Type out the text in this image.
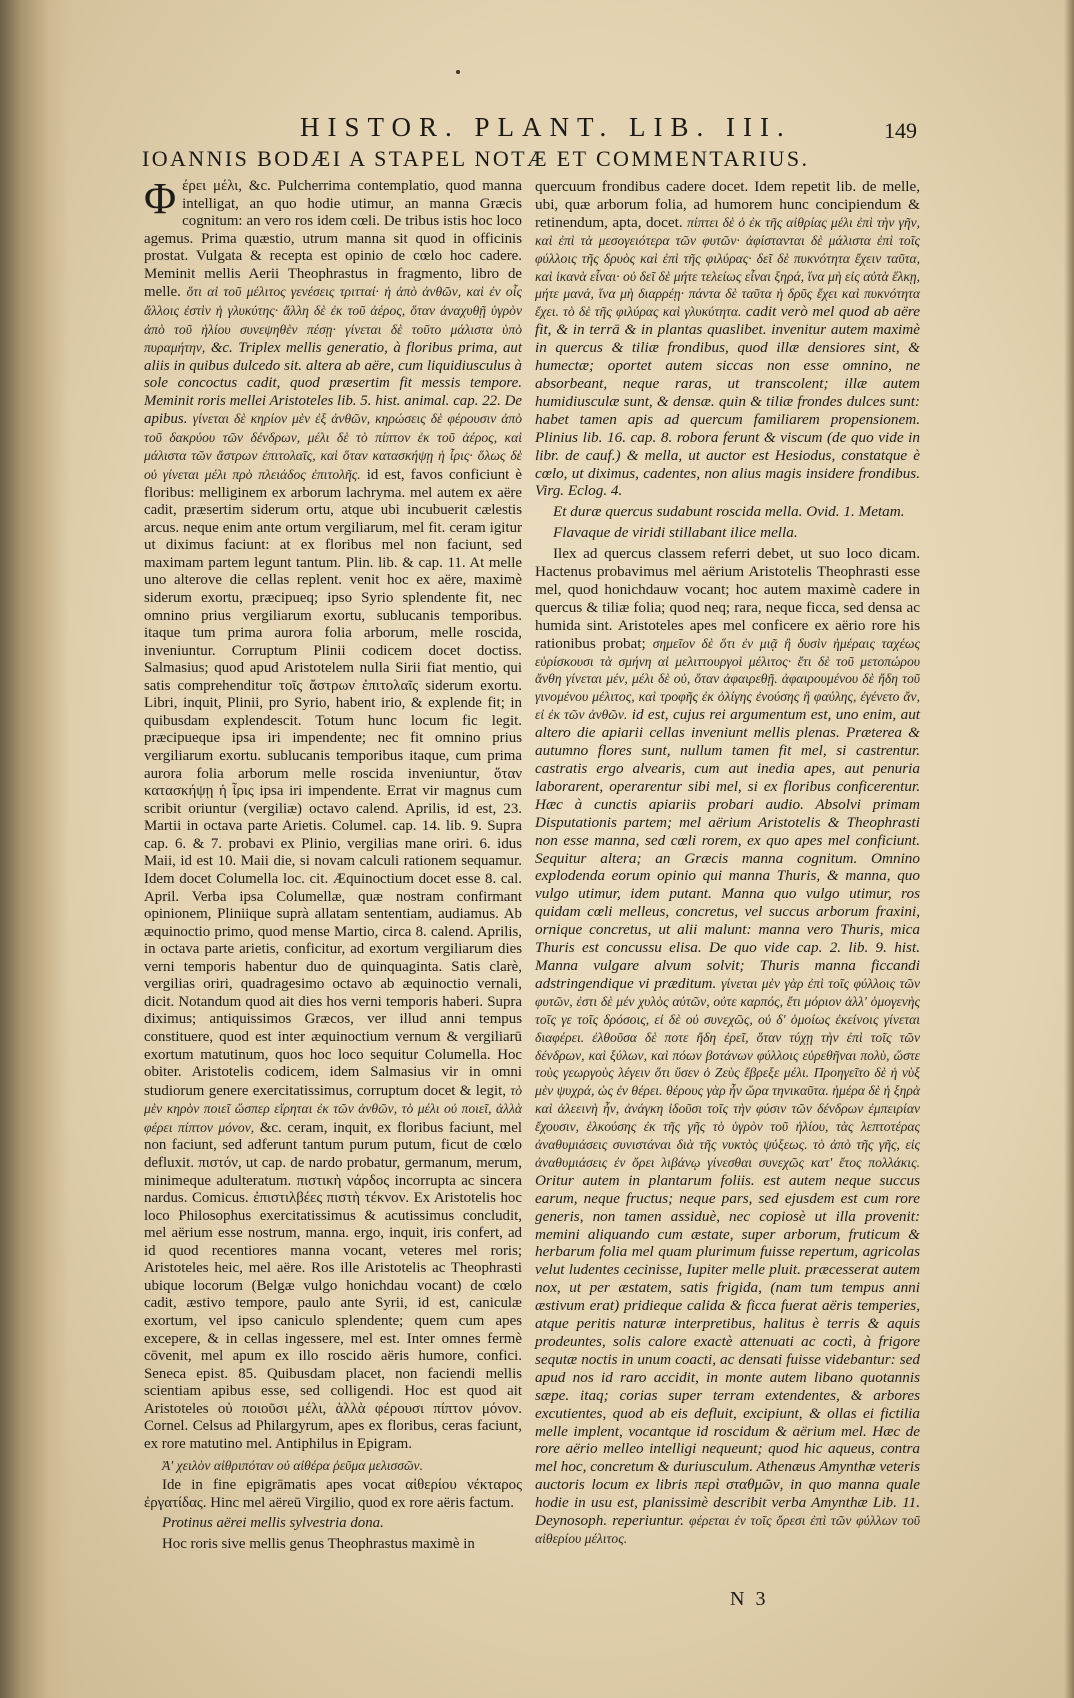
HISTOR. PLANT. LIB. III.	149
IOANNIS BODÆI A STAPEL NOTÆ ET COMMENTARIUS.

Φέρει μέλι, &c. Pulcherrima contemplatio, quod manna intelligat, an quo hodie utimur, an manna Græcis cognitum: an vero ros idem cœli. De tribus istis hoc loco agemus. Prima quæstio, utrum manna sit quod in officinis prostat. Vulgata & recepta est opinio de cœlo hoc cadere. Meminit mellis Aerii Theophrastus in fragmento, libro de melle. ὅτι αἱ τοῦ μέλιτος γενέσεις τριτταί· ἡ ἀπὸ ἀνθῶν, καὶ ἐν οἷς ἄλλοις ἐστὶν ἡ γλυκύτης· ἄλλη δὲ ἐκ τοῦ ἀέρος, ὅταν ἀναχυθῇ ὑγρὸν ἀπὸ τοῦ ἡλίου συνεψηθὲν πέσῃ· γίνεται δὲ τοῦτο μάλιστα ὑπὸ πυραμήτην, &c. Triplex mellis generatio, à floribus prima, aut aliis in quibus dulcedo sit. altera ab aëre, cum liquidiusculus à sole concoctus cadit, quod præsertim fit messis tempore. Meminit roris mellei Aristoteles lib. 5. hist. animal. cap. 22. De apibus. γίνεται δὲ κηρίον μὲν ἐξ ἀνθῶν, κηρώσεις δὲ φέρουσιν ἀπὸ τοῦ δακρύου τῶν δένδρων, μέλι δὲ τὸ πίπτον ἐκ τοῦ ἀέρος, καὶ μάλιστα τῶν ἄστρων ἐπιτολαῖς, καὶ ὅταν κατασκήψῃ ἡ ἶρις· ὅλως δὲ οὐ γίνεται μέλι πρὸ πλειάδος ἐπιτολῆς. id est, favos conficiunt è floribus: melliginem ex arborum lachryma. mel autem ex aëre cadit, præsertim siderum ortu, atque ubi incubuerit cælestis arcus. neque enim ante ortum vergiliarum, mel fit. ceram igitur ut diximus faciunt: at ex floribus mel non faciunt, sed maximam partem legunt tantum. Plin. lib. & cap. 11. At melle uno alterove die cellas replent. venit hoc ex aëre, maximè siderum exortu, præcipueq; ipso Syrio splendente fit, nec omnino prius vergiliarum exortu, sublucanis temporibus. itaque tum prima aurora folia arborum, melle roscida, inveniuntur. Corruptum Plinii codicem docet doctiss. Salmasius; quod apud Aristotelem nulla Sirii fiat mentio, qui satis comprehenditur τοῖς ἄστρων ἐπιτολαῖς siderum exortu. Libri, inquit, Plinii, pro Syrio, habent irio, & explende fit; in quibusdam explendescit. Totum hunc locum fic legit. præcipueque ipsa iri impendente; nec fit omnino prius vergiliarum exortu. sublucanis temporibus itaque, cum prima aurora folia arborum melle roscida inveniuntur, ὅταν κατασκήψῃ ἡ ἶρις ipsa iri impendente. Errat vir magnus cum scribit oriuntur (vergiliæ) octavo calend. Aprilis, id est, 23. Martii in octava parte Arietis. Columel. cap. 14. lib. 9. Supra cap. 6. & 7. probavi ex Plinio, vergilias mane oriri. 6. idus Maii, id est 10. Maii die, si novam calculi rationem sequamur. Idem docet Columella loc. cit. Æquinoctium docet esse 8. cal. April. Verba ipsa Columellæ, quæ nostram confirmant opinionem, Pliniique suprà allatam sententiam, audiamus. Ab æquinoctio primo, quod mense Martio, circa 8. calend. Aprilis, in octava parte arietis, conficitur, ad exortum vergiliarum dies verni temporis habentur duo de quinquaginta. Satis clarè, vergilias oriri, quadragesimo octavo ab æquinoctio vernali, dicit. Notandum quod ait dies hos verni temporis haberi. Supra diximus; antiquissimos Græcos, ver illud anni tempus constituere, quod est inter æquinoctium vernum & vergiliarū exortum matutinum, quos hoc loco sequitur Columella. Hoc obiter. Aristotelis codicem, idem Salmasius vir in omni studiorum genere exercitatissimus, corruptum docet & legit, τὸ μὲν κηρὸν ποιεῖ ὥσπερ εἴρηται ἐκ τῶν ἀνθῶν, τὸ μέλι οὐ ποιεῖ, ἀλλὰ φέρει πίπτον μόνον, &c. ceram, inquit, ex floribus faciunt, mel non faciunt, sed adferunt tantum purum putum, ficut de cœlo defluxit. πιστόν, ut cap. de nardo probatur, germanum, merum, minimeque adulteratum. πιστικὴ νάρδος incorrupta ac sincera nardus. Comicus. ἐπιστιλβέες πιστὴ τέκνον. Ex Aristotelis hoc loco Philosophus exercitatissimus & acutissimus concludit, mel aërium esse nostrum, manna. ergo, inquit, iris confert, ad id quod recentiores manna vocant, veteres mel roris; Aristoteles heic, mel aëre. Ros ille Aristotelis ac Theophrasti ubique locorum (Belgæ vulgo honichdau vocant) de cœlo cadit, æstivo tempore, paulo ante Syrii, id est, caniculæ exortum, vel ipso caniculo splendente; quem cum apes excepere, & in cellas ingessere, mel est. Inter omnes fermè cōvenit, mel apum ex illo roscido aëris humore, confici. Seneca epist. 85. Quibusdam placet, non faciendi mellis scientiam apibus esse, sed colligendi. Hoc est quod ait Aristoteles οὐ ποιοῦσι μέλι, ἀλλὰ φέρουσι πίπτον μόνον. Cornel. Celsus ad Philargyrum, apes ex floribus, ceras faciunt, ex rore matutino mel. Antiphilus in Epigram.

Ἀ' χειλὸν αἰθριπόταν οὐ αἰθέρα ῥεῦμα μελισσῶν.

Ide in fine epigrāmatis apes vocat αἰθερίου νέκταρος ἐργατίδας. Hinc mel aëreū Virgilio, quod ex rore aëris factum.

Protinus aërei mellis sylvestria dona.

Hoc roris sive mellis genus Theophrastus maximè in

quercuum frondibus cadere docet. Idem repetit lib. de melle, ubi, quæ arborum folia, ad humorem hunc concipiendum & retinendum, apta, docet. πίπτει δὲ ὁ ἐκ τῆς αἰθρίας μέλι ἐπὶ τὴν γῆν, καὶ ἐπὶ τὰ μεσογειότερα τῶν φυτῶν· ἀφίστανται δὲ μάλιστα ἐπὶ τοῖς φύλλοις τῆς δρυὸς καὶ ἐπὶ τῆς φιλύρας· δεῖ δὲ πυκνότητα ἔχειν ταῦτα, καὶ ἱκανὰ εἶναι· οὐ δεῖ δὲ μήτε τελείως εἶναι ξηρά, ἵνα μὴ εἰς αὐτὰ ἕλκῃ, μήτε μανά, ἵνα μὴ διαρρέῃ· πάντα δὲ ταῦτα ἡ δρῦς ἔχει καὶ πυκνότητα ἔχει. τὸ δὲ τῆς φιλύρας καὶ γλυκύτητα. cadit verò mel quod ab aëre fit, & in terrā & in plantas quaslibet. invenitur autem maximè in quercus & tiliæ frondibus, quod illæ densiores sint, & humectæ; oportet autem siccas non esse omnino, ne absorbeant, neque raras, ut transcolent; illæ autem humidiusculæ sunt, & densæ. quin & tiliæ frondes dulces sunt: habet tamen apis ad quercum familiarem propensionem. Plinius lib. 16. cap. 8. robora ferunt & viscum (de quo vide in libr. de cauf.) & mella, ut auctor est Hesiodus, constatque è cœlo, ut diximus, cadentes, non alius magis insidere frondibus. Virg. Eclog. 4.

Et duræ quercus sudabunt roscida mella. Ovid. 1. Metam.

Flavaque de viridi stillabant ilice mella.

Ilex ad quercus classem referri debet, ut suo loco dicam. Hactenus probavimus mel aërium Aristotelis Theophrasti esse mel, quod honichdauw vocant; hoc autem maximè cadere in quercus & tiliæ folia; quod neq; rara, neque ficca, sed densa ac humida sint. Aristoteles apes mel conficere ex aërio rore his rationibus probat; σημεῖον δὲ ὅτι ἐν μιᾷ ἢ δυσὶν ἡμέραις ταχέως εὑρίσκουσι τὰ σμήνη αἱ μελιττουργοὶ μέλιτος· ἔτι δὲ τοῦ μετοπώρου ἄνθη γίνεται μέν, μέλι δὲ οὐ, ὅταν ἀφαιρεθῇ. ἀφαιρουμένου δὲ ἤδη τοῦ γινομένου μέλιτος, καὶ τροφῆς ἐκ ὀλίγης ἐνούσης ἢ φαύλης, ἐγένετο ἄν, εἰ ἐκ τῶν ἀνθῶν. id est, cujus rei argumentum est, uno enim, aut altero die apiarii cellas inveniunt mellis plenas. Præterea & autumno flores sunt, nullum tamen fit mel, si castrentur. castratis ergo alvearis, cum aut inedia apes, aut penuria laborarent, operarentur sibi mel, si ex floribus conficerentur. Hæc à cunctis apiariis probari audio. Absolvi primam Disputationis partem; mel aërium Aristotelis & Theophrasti non esse manna, sed cœli rorem, ex quo apes mel conficiunt. Sequitur altera; an Græcis manna cognitum. Omnino explodenda eorum opinio qui manna Thuris, & manna, quo vulgo utimur, idem putant. Manna quo vulgo utimur, ros quidam cœli melleus, concretus, vel succus arborum fraxini, ornique concretus, ut alii malunt: manna vero Thuris, mica Thuris est concussu elisa. De quo vide cap. 2. lib. 9. hist. Manna vulgare alvum solvit; Thuris manna ficcandi adstringendique vi præditum. γίνεται μὲν γὰρ ἐπὶ τοῖς φύλλοις τῶν φυτῶν, ἐστι δὲ μέν χυλὸς αὐτῶν, οὐτε καρπός, ἔτι μόριον ἀλλ' ὁμογενὴς τοῖς γε τοῖς δρόσοις, εἰ δὲ οὐ συνεχῶς, οὐ δ' ὁμοίως ἐκείνοις γίνεται διαφέρει. ἐλθοῦσα δὲ ποτε ἤδη ἐρεῖ, ὅταν τύχῃ τὴν ἐπὶ τοῖς τῶν δένδρων, καὶ ξύλων, καὶ πόων βοτάνων φύλλοις εὑρεθῆναι πολὺ, ὥστε τοὺς γεωργοὺς λέγειν ὅτι ὕσεν ὁ Ζεὺς ἔβρεξε μέλι. Προηγεῖτο δὲ ἡ νὺξ μὲν ψυχρά, ὡς ἐν θέρει. θέρους γὰρ ἦν ὥρα τηνικαῦτα. ἡμέρα δὲ ἡ ξηρὰ καὶ ἀλεεινὴ ἦν, ἀνάγκη ἰδοῦσι τοῖς τὴν φύσιν τῶν δένδρων ἐμπειρίαν ἔχουσιν, ἑλκούσης ἐκ τῆς γῆς τὸ ὑγρὸν τοῦ ἡλίου, τὰς λεπτοτέρας ἀναθυμιάσεις συνιστάναι διὰ τῆς νυκτὸς ψύξεως. τὸ ἀπὸ τῆς γῆς, εἰς ἀναθυμιάσεις ἐν ὄρει λιβάνῳ γίνεσθαι συνεχῶς κατ' ἔτος πολλάκις. Oritur autem in plantarum foliis. est autem neque succus earum, neque fructus; neque pars, sed ejusdem est cum rore generis, non tamen assiduè, nec copiosè ut illa provenit: memini aliquando cum æstate, super arborum, fruticum & herbarum folia mel quam plurimum fuisse repertum, agricolas velut ludentes cecinisse, Iupiter melle pluit. præcesserat autem nox, ut per æstatem, satis frigida, (nam tum tempus anni æstivum erat) pridieque calida & ficca fuerat aëris temperies, atque peritis naturæ interpretibus, halitus è terris & aquis prodeuntes, solis calore exactè attenuati ac coctì, à frigore sequtæ noctis in unum coacti, ac densati fuisse videbantur: sed apud nos id raro accidit, in monte autem libano quotannis sæpe. itaq; corias super terram extendentes, & arbores excutientes, quod ab eis defluit, excipiunt, & ollas ei fictilia melle implent, vocantque id roscidum & aërium mel. Hæc de rore aërio melleo intelligi nequeunt; quod hic aqueus, contra mel hoc, concretum & duriusculum. Athenæus Amynthæ veteris auctoris locum ex libris περὶ σταθμῶν, in quo manna quale hodie in usu est, planissimè describit verba Amynthæ Lib. 11. Deynosoph. reperiuntur. φέρεται ἐν τοῖς ὄρεσι ἐπὶ τῶν φύλλων τοῦ αἰθερίου μέλιτος.

N 3
